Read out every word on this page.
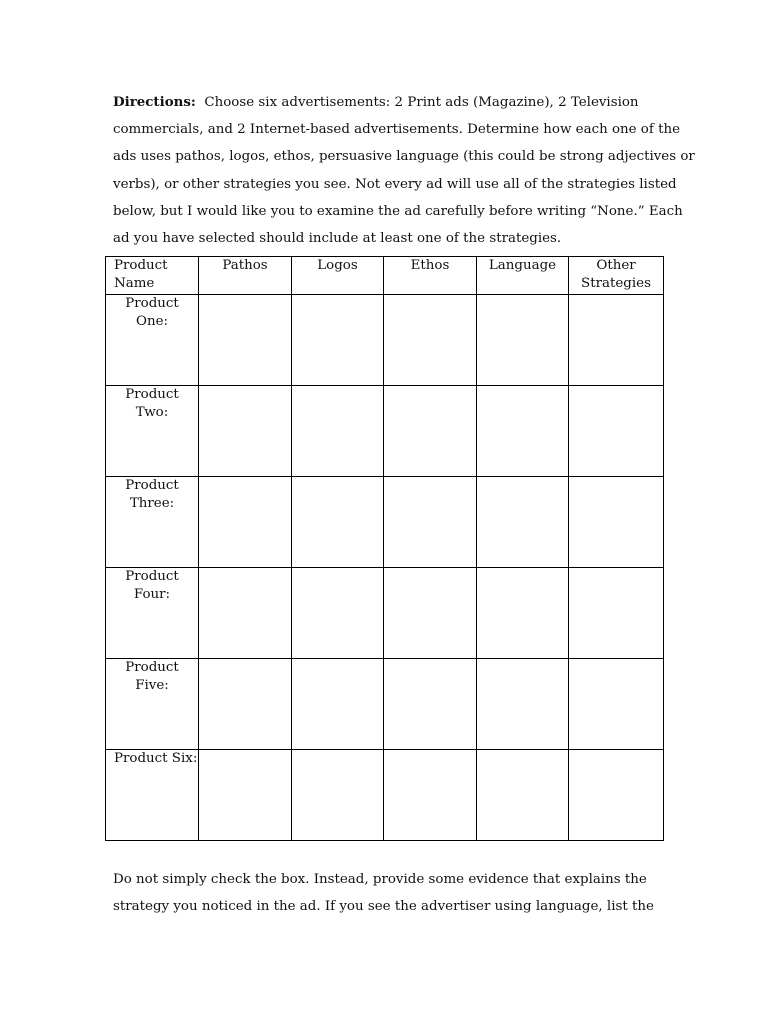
Directions: Choose six advertisements: 2 Print ads (Magazine), 2 Television
commercials, and 2 Internet-based advertisements. Determine how each one of the
ads uses pathos, logos, ethos, persuasive language (this could be strong adjectives or
verbs), or other strategies you see. Not every ad will use all of the strategies listed
below, but I would like you to examine the ad carefully before writing “None.” Each
ad you have selected should include at least one of the strategies.
Product
Name	Pathos	Logos	Ethos	Language	Other
Strategies

Product
One:					

Product
Two:					

Product
Three:					

Product
Four:					

Product
Five:					

Product Six:					

Do not simply check the box. Instead, provide some evidence that explains the
strategy you noticed in the ad. If you see the advertiser using language, list the
